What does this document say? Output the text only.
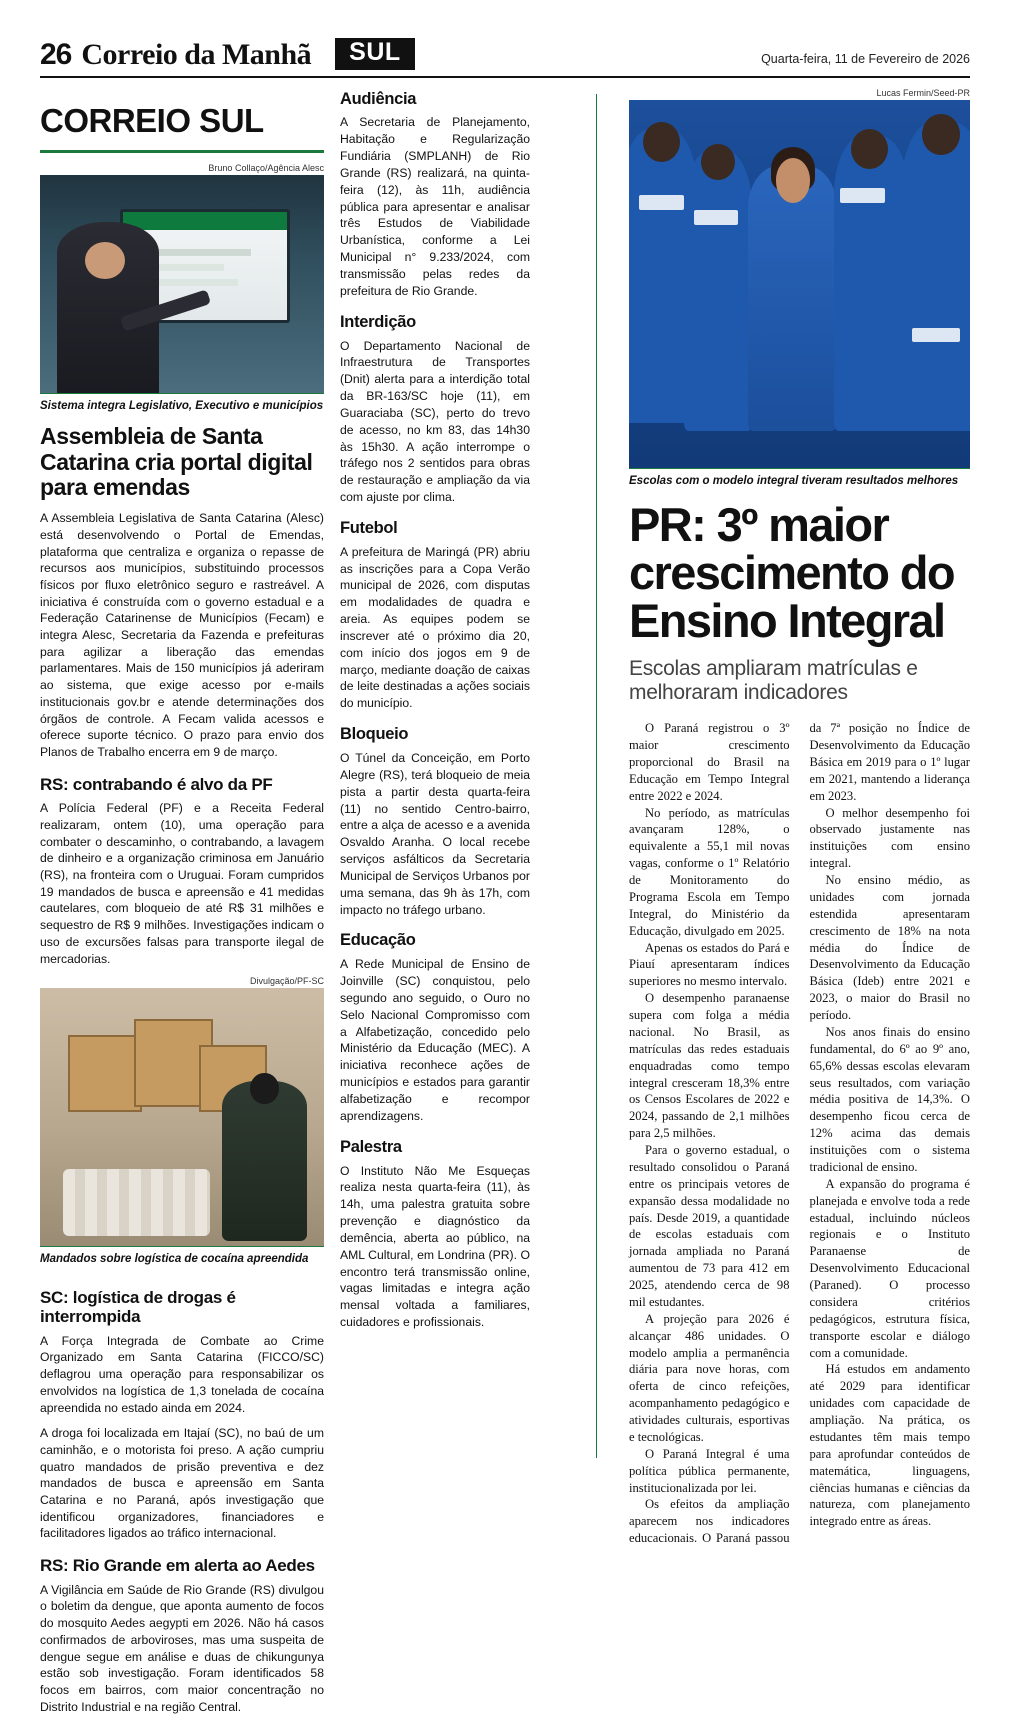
26 Correio da Manhã	SUL	Quarta-feira, 11 de Fevereiro de 2026
CORREIO SUL
Bruno Collaço/Agência Alesc
Sistema integra Legislativo, Executivo e municípios
Assembleia de Santa Catarina cria portal digital para emendas

A Assembleia Legislativa de Santa Catarina (Alesc) está desenvolvendo o Portal de Emendas, plataforma que centraliza e organiza o repasse de recursos aos municípios, substituindo processos físicos por fluxo eletrônico seguro e rastreável. A iniciativa é construída com o governo estadual e a Federação Catarinense de Municípios (Fecam) e integra Alesc, Secretaria da Fazenda e prefeituras para agilizar a liberação das emendas parlamentares. Mais de 150 municípios já aderiram ao sistema, que exige acesso por e-mails institucionais gov.br e atende determinações dos órgãos de controle. A Fecam valida acessos e oferece suporte técnico. O prazo para envio dos Planos de Trabalho encerra em 9 de março.

RS: contrabando é alvo da PF

A Polícia Federal (PF) e a Receita Federal realizaram, ontem (10), uma operação para combater o descaminho, o contrabando, a lavagem de dinheiro e a organização criminosa em Januário (RS), na fronteira com o Uruguai. Foram cumpridos 19 mandados de busca e apreensão e 41 medidas cautelares, com bloqueio de até R$ 31 milhões e sequestro de R$ 9 milhões. Investigações indicam o uso de excursões falsas para transporte ilegal de mercadorias.

Divulgação/PF-SC
Mandados sobre logística de cocaína apreendida
SC: logística de drogas é interrompida

A Força Integrada de Combate ao Crime Organizado em Santa Catarina (FICCO/SC) deflagrou uma operação para responsabilizar os envolvidos na logística de 1,3 tonelada de cocaína apreendida no estado ainda em 2024.

A droga foi localizada em Itajaí (SC), no baú de um caminhão, e o motorista foi preso. A ação cumpriu quatro mandados de prisão preventiva e dez mandados de busca e apreensão em Santa Catarina e no Paraná, após investigação que identificou organizadores, financiadores e facilitadores ligados ao tráfico internacional.

RS: Rio Grande em alerta ao Aedes

A Vigilância em Saúde de Rio Grande (RS) divulgou o boletim da dengue, que aponta aumento de focos do mosquito Aedes aegypti em 2026. Não há casos confirmados de arboviroses, mas uma suspeita de dengue segue em análise e duas de chikungunya estão sob investigação. Foram identificados 58 focos em bairros, com maior concentração no Distrito Industrial e na região Central.

Audiência

A Secretaria de Planejamento, Habitação e Regularização Fundiária (SMPLANH) de Rio Grande (RS) realizará, na quinta-feira (12), às 11h, audiência pública para apresentar e analisar três Estudos de Viabilidade Urbanística, conforme a Lei Municipal n° 9.233/2024, com transmissão pelas redes da prefeitura de Rio Grande.

Interdição

O Departamento Nacional de Infraestrutura de Transportes (Dnit) alerta para a interdição total da BR-163/SC hoje (11), em Guaraciaba (SC), perto do trevo de acesso, no km 83, das 14h30 às 15h30. A ação interrompe o tráfego nos 2 sentidos para obras de restauração e ampliação da via com ajuste por clima.

Futebol

A prefeitura de Maringá (PR) abriu as inscrições para a Copa Verão municipal de 2026, com disputas em modalidades de quadra e areia. As equipes podem se inscrever até o próximo dia 20, com início dos jogos em 9 de março, mediante doação de caixas de leite destinadas a ações sociais do município.

Bloqueio

O Túnel da Conceição, em Porto Alegre (RS), terá bloqueio de meia pista a partir desta quarta-feira (11) no sentido Centro-bairro, entre a alça de acesso e a avenida Osvaldo Aranha. O local recebe serviços asfálticos da Secretaria Municipal de Serviços Urbanos por uma semana, das 9h às 17h, com impacto no tráfego urbano.

Educação

A Rede Municipal de Ensino de Joinville (SC) conquistou, pelo segundo ano seguido, o Ouro no Selo Nacional Compromisso com a Alfabetização, concedido pelo Ministério da Educação (MEC). A iniciativa reconhece ações de municípios e estados para garantir alfabetização e recompor aprendizagens.

Palestra

O Instituto Não Me Esqueças realiza nesta quarta-feira (11), às 14h, uma palestra gratuita sobre prevenção e diagnóstico da demência, aberta ao público, na AML Cultural, em Londrina (PR). O encontro terá transmissão online, vagas limitadas e integra ação mensal voltada a familiares, cuidadores e profissionais.

Lucas Fermin/Seed-PR
Escolas com o modelo integral tiveram resultados melhores
PR: 3º maior crescimento do Ensino Integral
Escolas ampliaram matrículas e melhoraram indicadores

O Paraná registrou o 3º maior crescimento proporcional do Brasil na Educação em Tempo Integral entre 2022 e 2024.

No período, as matrículas avançaram 128%, o equivalente a 55,1 mil novas vagas, conforme o 1º Relatório de Monitoramento do Programa Escola em Tempo Integral, do Ministério da Educação, divulgado em 2025.

Apenas os estados do Pará e Piauí apresentaram índices superiores no mesmo intervalo.

O desempenho paranaense supera com folga a média nacional. No Brasil, as matrículas das redes estaduais enquadradas como tempo integral cresceram 18,3% entre os Censos Escolares de 2022 e 2024, passando de 2,1 milhões para 2,5 milhões.

Para o governo estadual, o resultado consolidou o Paraná entre os principais vetores de expansão dessa modalidade no país. Desde 2019, a quantidade de escolas estaduais com jornada ampliada no Paraná aumentou de 73 para 412 em 2025, atendendo cerca de 98 mil estudantes.

A projeção para 2026 é alcançar 486 unidades. O modelo amplia a permanência diária para nove horas, com oferta de cinco refeições, acompanhamento pedagógico e atividades culturais, esportivas e tecnológicas.

O Paraná Integral é uma política pública permanente, institucionalizada por lei.

Os efeitos da ampliação aparecem nos indicadores educacionais. O Paraná passou da 7ª posição no Índice de Desenvolvimento da Educação Básica em 2019 para o 1º lugar em 2021, mantendo a liderança em 2023.

O melhor desempenho foi observado justamente nas instituições com ensino integral.

No ensino médio, as unidades com jornada estendida apresentaram crescimento de 18% na nota média do Índice de Desenvolvimento da Educação Básica (Ideb) entre 2021 e 2023, o maior do Brasil no período.

Nos anos finais do ensino fundamental, do 6º ao 9º ano, 65,6% dessas escolas elevaram seus resultados, com variação média positiva de 14,3%. O desempenho ficou cerca de 12% acima das demais instituições com o sistema tradicional de ensino.

A expansão do programa é planejada e envolve toda a rede estadual, incluindo núcleos regionais e o Instituto Paranaense de Desenvolvimento Educacional (Paraned). O processo considera critérios pedagógicos, estrutura física, transporte escolar e diálogo com a comunidade.

Há estudos em andamento até 2029 para identificar unidades com capacidade de ampliação. Na prática, os estudantes têm mais tempo para aprofundar conteúdos de matemática, linguagens, ciências humanas e ciências da natureza, com planejamento integrado entre as áreas.
